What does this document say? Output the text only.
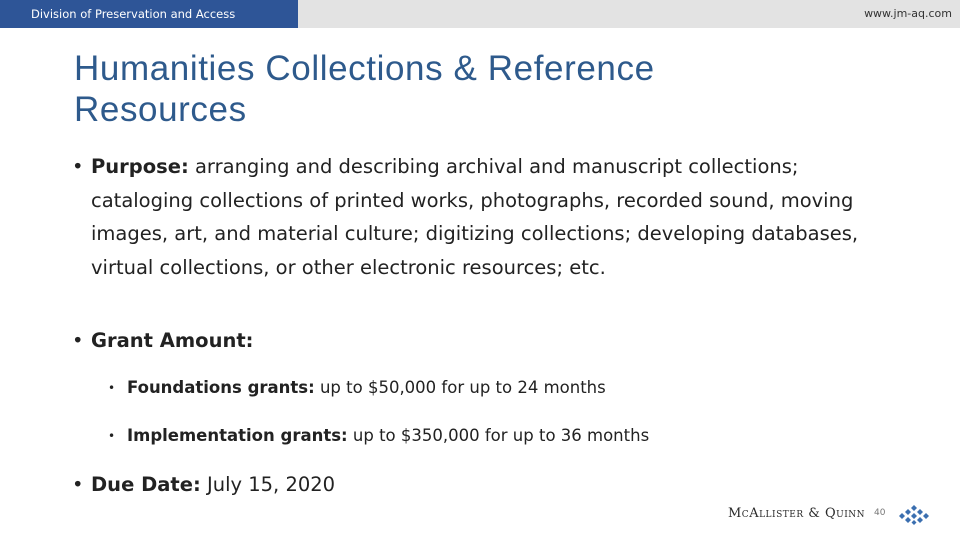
Division of Preservation and Access	www.jm-aq.com
Humanities Collections & Reference
Resources
• Purpose: arranging and describing archival and manuscript collections; cataloging collections of printed works, photographs, recorded sound, moving images, art, and material culture; digitizing collections; developing databases, virtual collections, or other electronic resources; etc.
• Grant Amount:
• Foundations grants: up to $50,000 for up to 24 months
• Implementation grants: up to $350,000 for up to 36 months
• Due Date: July 15, 2020
McAllister & Quinn 40
